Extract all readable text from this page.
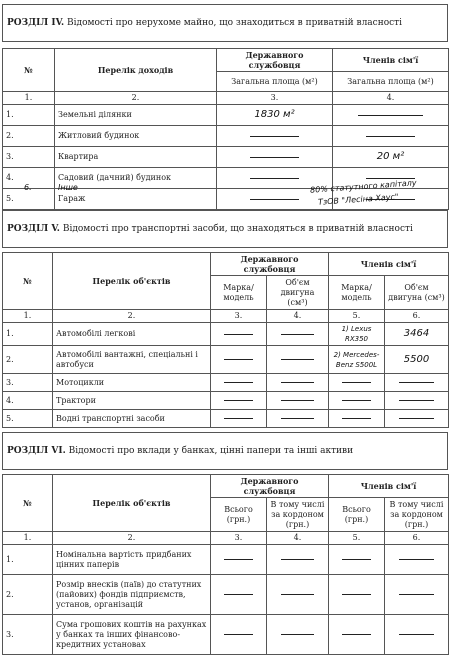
РОЗДІЛ IV. Відомості про нерухоме майно, що знаходиться в приватній власності
№	Перелік доходів	Державного службовця	Членів сім'ї
		Загальна площа (м²)	Загальна площа (м²)
1.	2.	3.	4.
1.	Земельні ділянки	1830 м²	

2.	Житловий будинок	

3.	Квартира		20 м²
4.	Садовий (дачний) будинок	

5.	Гараж	

6.	Інше	80% статутного капіталу
ТзОВ "Лесіна Хаус"
РОЗДІЛ V. Відомості про транспортні засоби, що знаходяться в приватній власності
№	Перелік об'єктів	Державного службовця		Членів сім'ї	
		Марка/ модель	Об'єм двигуна (см³)	Марка/ модель	Об'єм двигуна (см³)
1.	2.	3.	4.	5.	6.
1.	Автомобілі легкові			1) Lexus RX350	3464
2.	Автомобілі вантажні, спеціальні і автобуси			2) Mercedes-Benz S500L	5500
3.	Мотоцикли	

4.	Трактори	

5.	Водні транспортні засоби	

РОЗДІЛ VI. Відомості про вклади у банках, цінні папери та інші активи
№	Перелік об'єктів	Державного службовця		Членів сім'ї	
		Всього (грн.)	В тому числі за кордоном (грн.)	Всього (грн.)	В тому числі за кордоном (грн.)
1.	2.	3.	4.	5.	6.
1.	Номінальна вартість придбаних цінних паперів	

2.	Розмір внесків (паїв) до статутних (пайових) фондів підприємств, установ, організацій	

3.	Сума грошових коштів на рахунках у банках та інших фінансово-кредитних установах	
